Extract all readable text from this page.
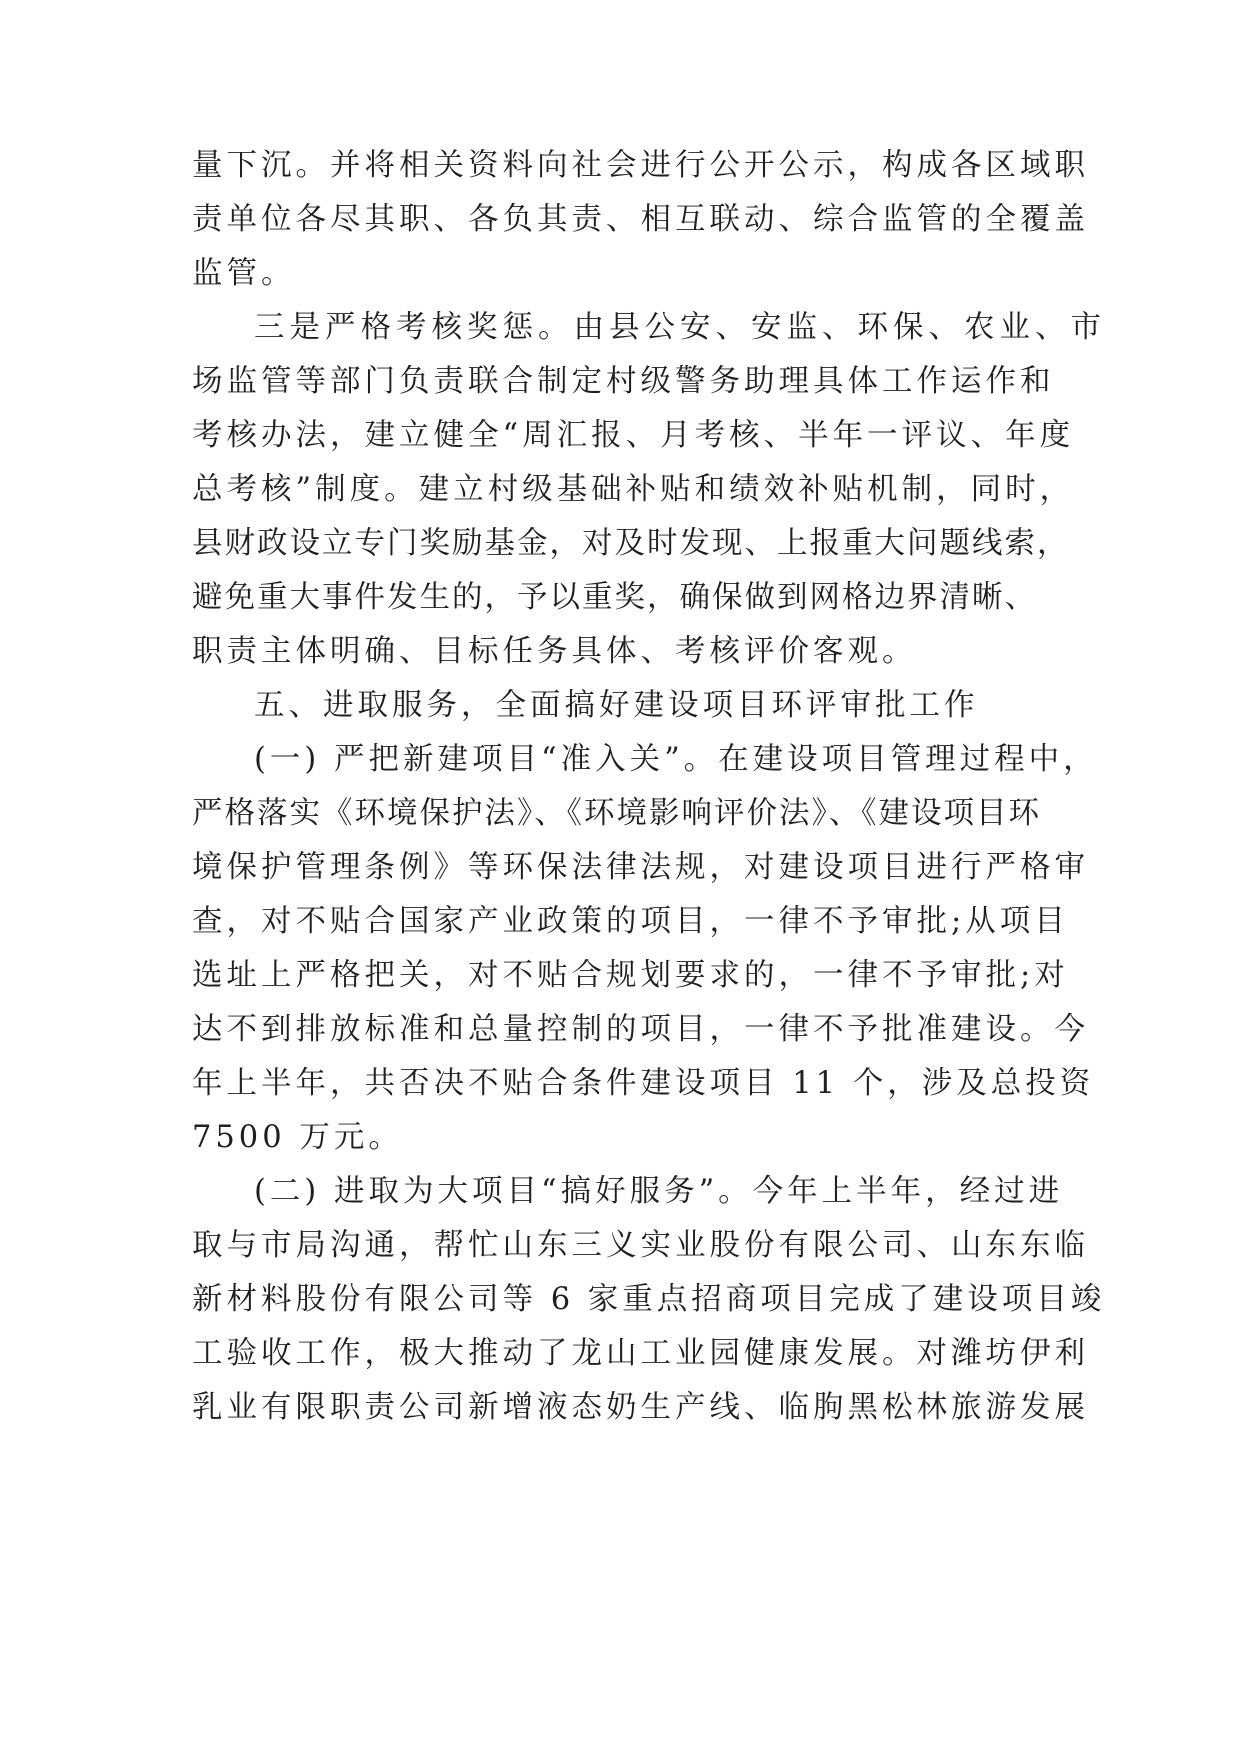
量下沉。并将相关资料向社会进行公开公示，构成各区域职

责单位各尽其职、各负其责、相互联动、综合监管的全覆盖

监管。

三是严格考核奖惩。由县公安、安监、环保、农业、市

场监管等部门负责联合制定村级警务助理具体工作运作和

考核办法，建立健全“周汇报、月考核、半年一评议、年度

总考核”制度。建立村级基础补贴和绩效补贴机制，同时，

县财政设立专门奖励基金，对及时发现、上报重大问题线索，

避免重大事件发生的，予以重奖，确保做到网格边界清晰、

职责主体明确、目标任务具体、考核评价客观。

五、进取服务，全面搞好建设项目环评审批工作

(一) 严把新建项目“准入关”。在建设项目管理过程中，

严格落实《环境保护法》、《环境影响评价法》、《建设项目环

境保护管理条例》等环保法律法规，对建设项目进行严格审

查，对不贴合国家产业政策的项目，一律不予审批;从项目

选址上严格把关，对不贴合规划要求的，一律不予审批;对

达不到排放标准和总量控制的项目，一律不予批准建设。今

年上半年，共否决不贴合条件建设项目 11 个，涉及总投资

7500 万元。

(二) 进取为大项目“搞好服务”。今年上半年，经过进

取与市局沟通，帮忙山东三义实业股份有限公司、山东东临

新材料股份有限公司等 6 家重点招商项目完成了建设项目竣

工验收工作，极大推动了龙山工业园健康发展。对潍坊伊利

乳业有限职责公司新增液态奶生产线、临朐黑松林旅游发展
